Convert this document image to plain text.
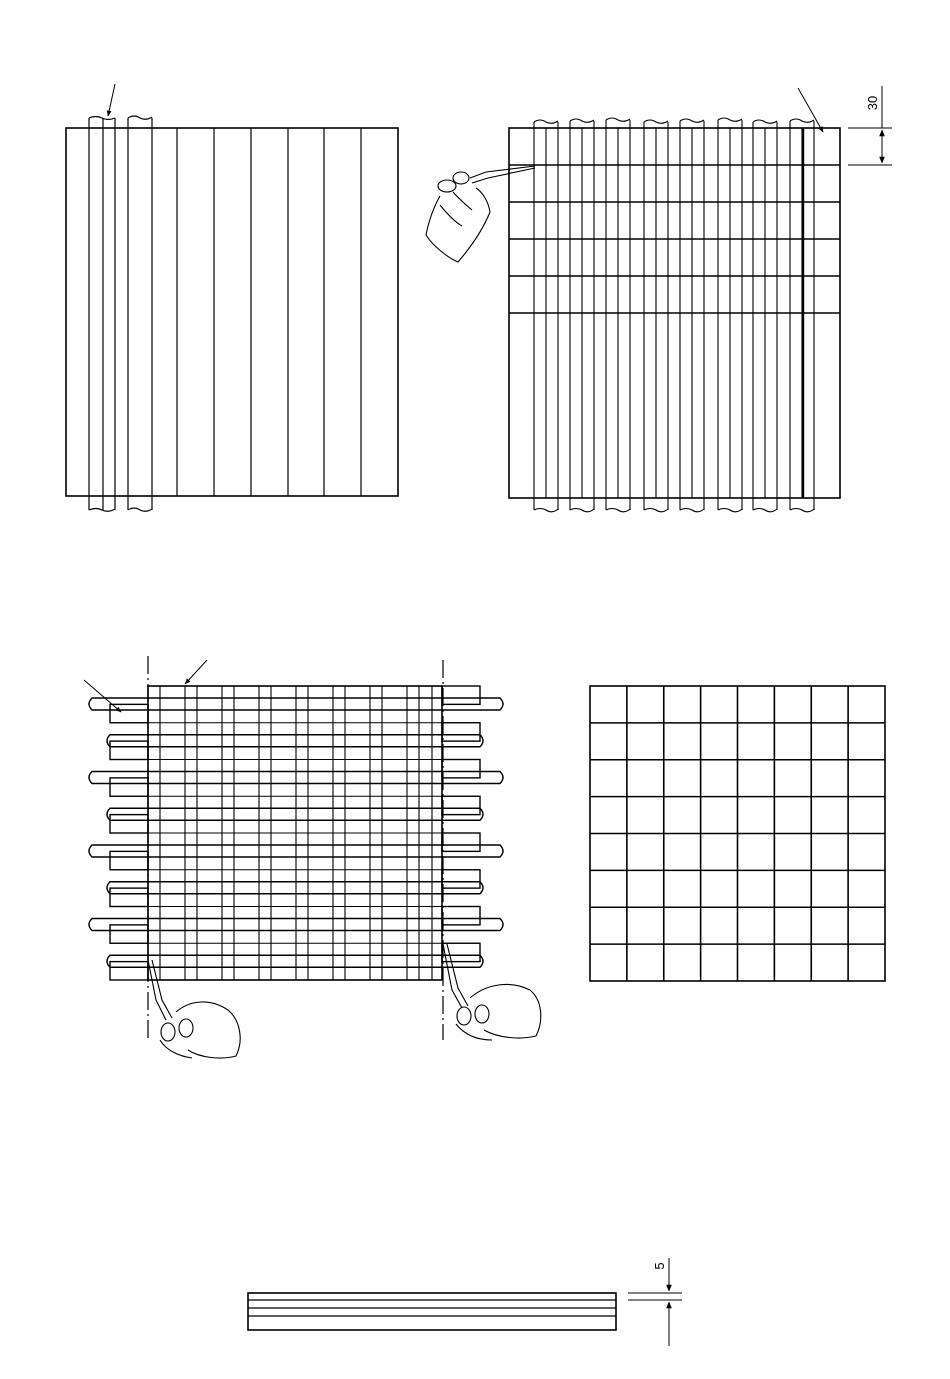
30
5
